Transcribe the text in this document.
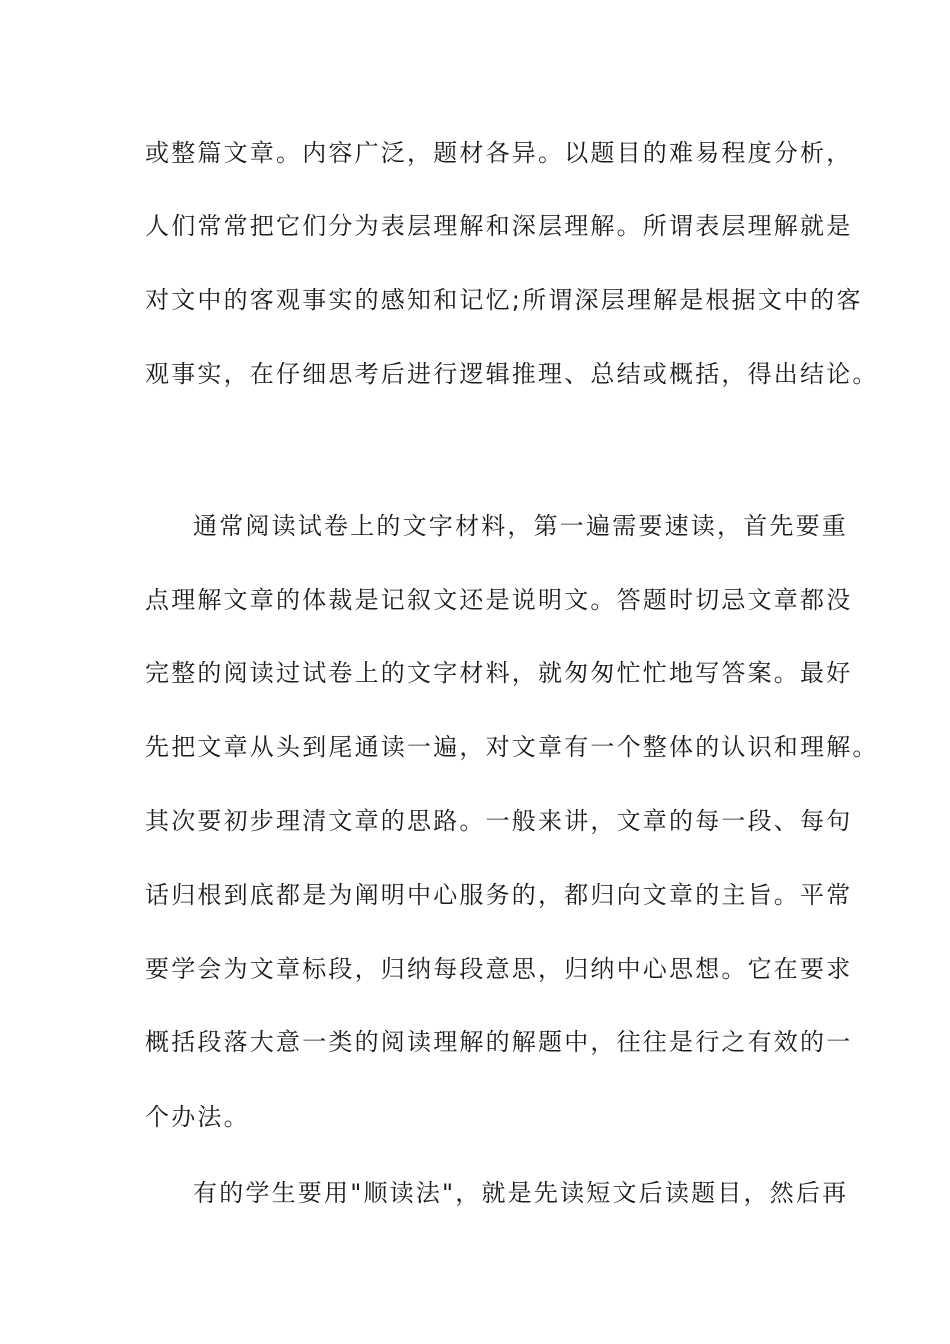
或整篇文章。内容广泛，题材各异。以题目的难易程度分析，
人们常常把它们分为表层理解和深层理解。所谓表层理解就是
对文中的客观事实的感知和记忆;所谓深层理解是根据文中的客
观事实，在仔细思考后进行逻辑推理、总结或概括，得出结论。
通常阅读试卷上的文字材料，第一遍需要速读，首先要重
点理解文章的体裁是记叙文还是说明文。答题时切忌文章都没
完整的阅读过试卷上的文字材料，就匆匆忙忙地写答案。最好
先把文章从头到尾通读一遍，对文章有一个整体的认识和理解。
其次要初步理清文章的思路。一般来讲，文章的每一段、每句
话归根到底都是为阐明中心服务的，都归向文章的主旨。平常
要学会为文章标段，归纳每段意思，归纳中心思想。它在要求
概括段落大意一类的阅读理解的解题中，往往是行之有效的一
个办法。
有的学生要用"顺读法"，就是先读短文后读题目，然后再
